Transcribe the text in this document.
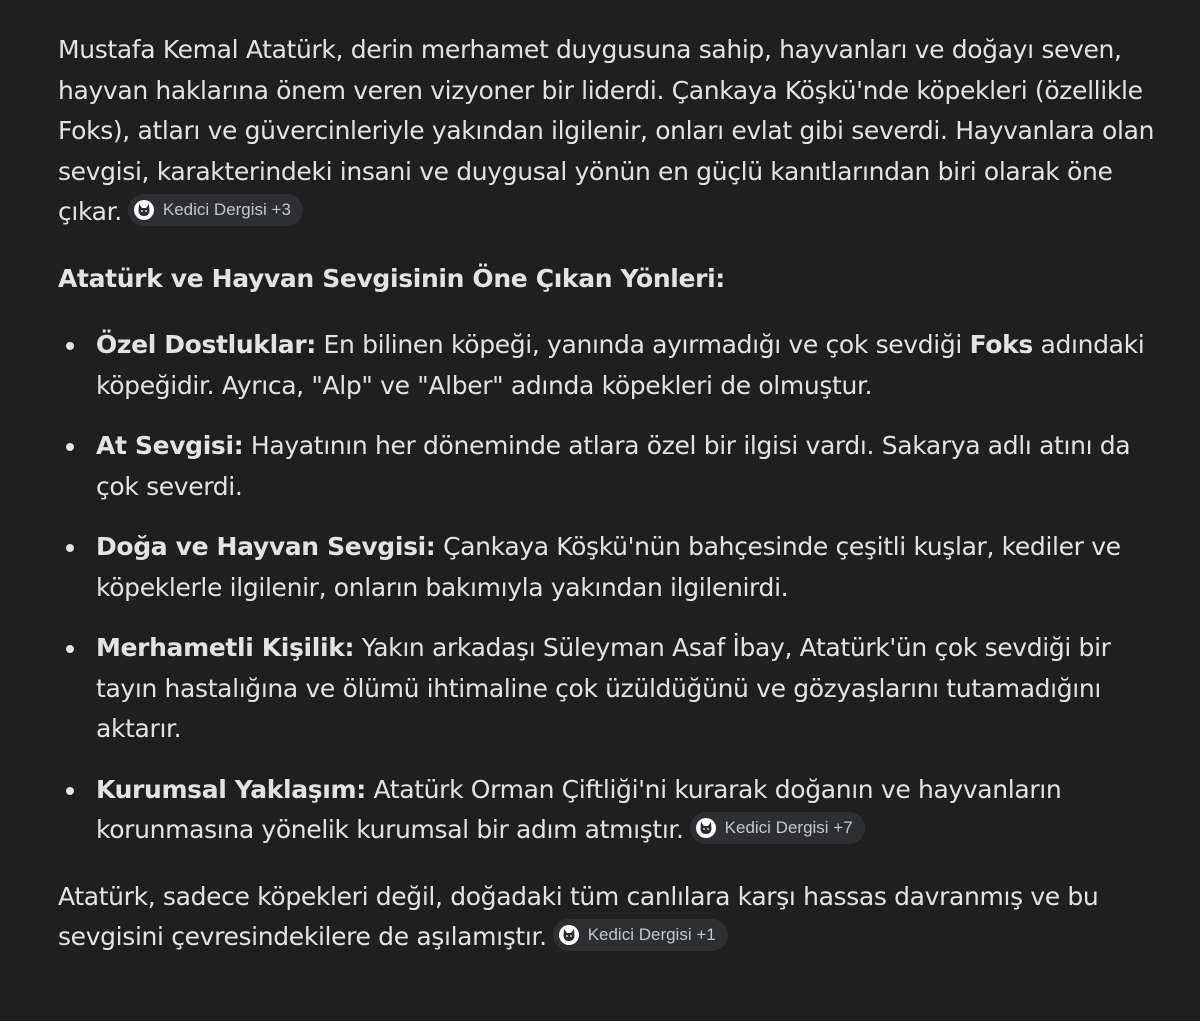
Mustafa Kemal Atatürk, derin merhamet duygusuna sahip, hayvanları ve doğayı seven, hayvan haklarına önem veren vizyoner bir liderdi. Çankaya Köşkü'nde köpekleri (özellikle Foks), atları ve güvercinleriyle yakından ilgilenir, onları evlat gibi severdi. Hayvanlara olan sevgisi, karakterindeki insani ve duygusal yönün en güçlü kanıtlarından biri olarak öne çıkar. Kedici Dergisi +3

Atatürk ve Hayvan Sevgisinin Öne Çıkan Yönleri:

Özel Dostluklar: En bilinen köpeği, yanında ayırmadığı ve çok sevdiği Foks adındaki köpeğidir. Ayrıca, "Alp" ve "Alber" adında köpekleri de olmuştur.
At Sevgisi: Hayatının her döneminde atlara özel bir ilgisi vardı. Sakarya adlı atını da çok severdi.
Doğa ve Hayvan Sevgisi: Çankaya Köşkü'nün bahçesinde çeşitli kuşlar, kediler ve köpeklerle ilgilenir, onların bakımıyla yakından ilgilenirdi.
Merhametli Kişilik: Yakın arkadaşı Süleyman Asaf İbay, Atatürk'ün çok sevdiği bir tayın hastalığına ve ölümü ihtimaline çok üzüldüğünü ve gözyaşlarını tutamadığını aktarır.
Kurumsal Yaklaşım: Atatürk Orman Çiftliği'ni kurarak doğanın ve hayvanların korunmasına yönelik kurumsal bir adım atmıştır. Kedici Dergisi +7

Atatürk, sadece köpekleri değil, doğadaki tüm canlılara karşı hassas davranmış ve bu sevgisini çevresindekilere de aşılamıştır. Kedici Dergisi +1
